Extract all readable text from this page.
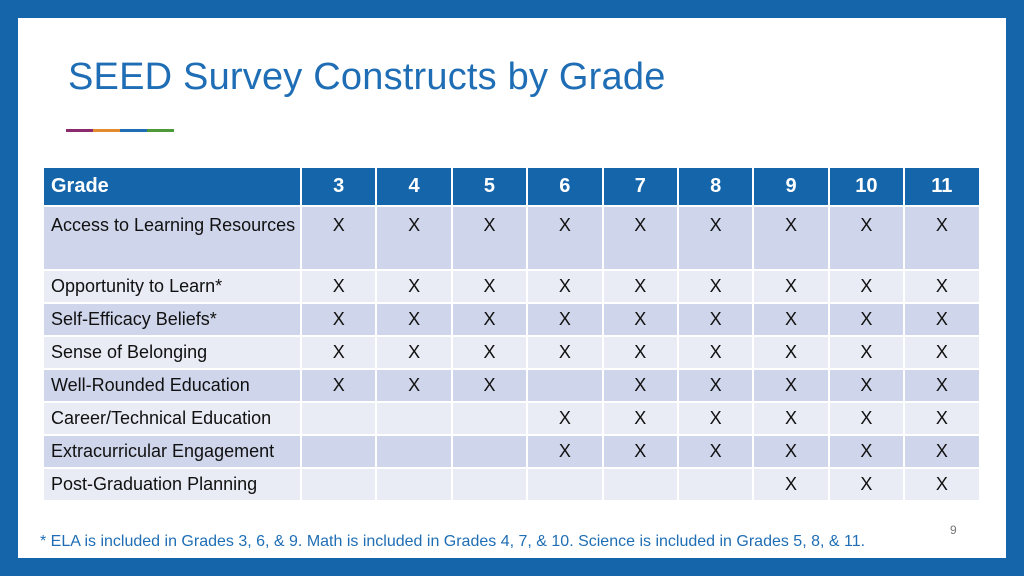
SEED Survey Constructs by Grade
Grade	3	4	5	6	7	8	9	10	11
Access to Learning Resources	X	X	X	X	X	X	X	X	X
Opportunity to Learn*	X	X	X	X	X	X	X	X	X
Self-Efficacy Beliefs*	X	X	X	X	X	X	X	X	X
Sense of Belonging	X	X	X	X	X	X	X	X	X
Well-Rounded Education	X	X	X		X	X	X	X	X
Career/Technical Education				X	X	X	X	X	X
Extracurricular Engagement				X	X	X	X	X	X
Post-Graduation Planning							X	X	X
9
* ELA is included in Grades 3, 6, & 9. Math is included in Grades 4, 7, & 10. Science is included in Grades 5, 8, & 11.
